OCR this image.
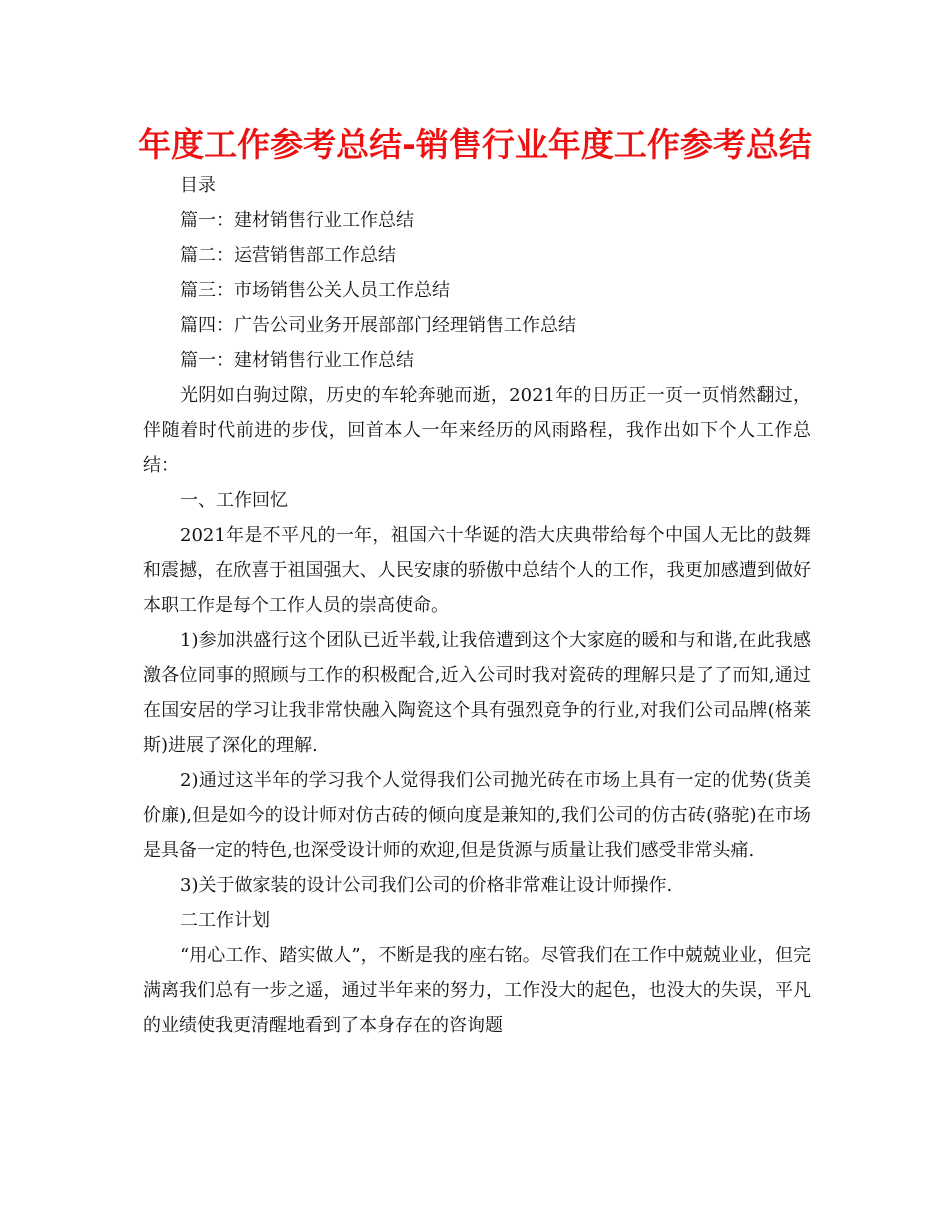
年度工作参考总结-销售行业年度工作参考总结
目录
篇一：建材销售行业工作总结
篇二：运营销售部工作总结
篇三：市场销售公关人员工作总结
篇四：广告公司业务开展部部门经理销售工作总结
篇一：建材销售行业工作总结

光阴如白驹过隙，历史的车轮奔驰而逝，2021年的日历正一页一页悄然翻过，伴随着时代前进的步伐，回首本人一年来经历的风雨路程，我作出如下个人工作总结：

一、工作回忆

2021年是不平凡的一年，祖国六十华诞的浩大庆典带给每个中国人无比的鼓舞和震撼，在欣喜于祖国强大、人民安康的骄傲中总结个人的工作，我更加感遭到做好本职工作是每个工作人员的崇高使命。

1)参加洪盛行这个团队已近半载,让我倍遭到这个大家庭的暖和与和谐,在此我感激各位同事的照顾与工作的积极配合,近入公司时我对瓷砖的理解只是了了而知,通过在国安居的学习让我非常快融入陶瓷这个具有强烈竟争的行业,对我们公司品牌(格莱斯)进展了深化的理解.

2)通过这半年的学习我个人觉得我们公司抛光砖在市场上具有一定的优势(货美价廉),但是如今的设计师对仿古砖的倾向度是兼知的,我们公司的仿古砖(骆驼)在市场是具备一定的特色,也深受设计师的欢迎,但是货源与质量让我们感受非常头痛.

3)关于做家装的设计公司我们公司的价格非常难让设计师操作.

二工作计划

“用心工作、踏实做人”，不断是我的座右铭。尽管我们在工作中兢兢业业，但完满离我们总有一步之遥，通过半年来的努力，工作没大的起色，也没大的失误，平凡的业绩使我更清醒地看到了本身存在的咨询题
